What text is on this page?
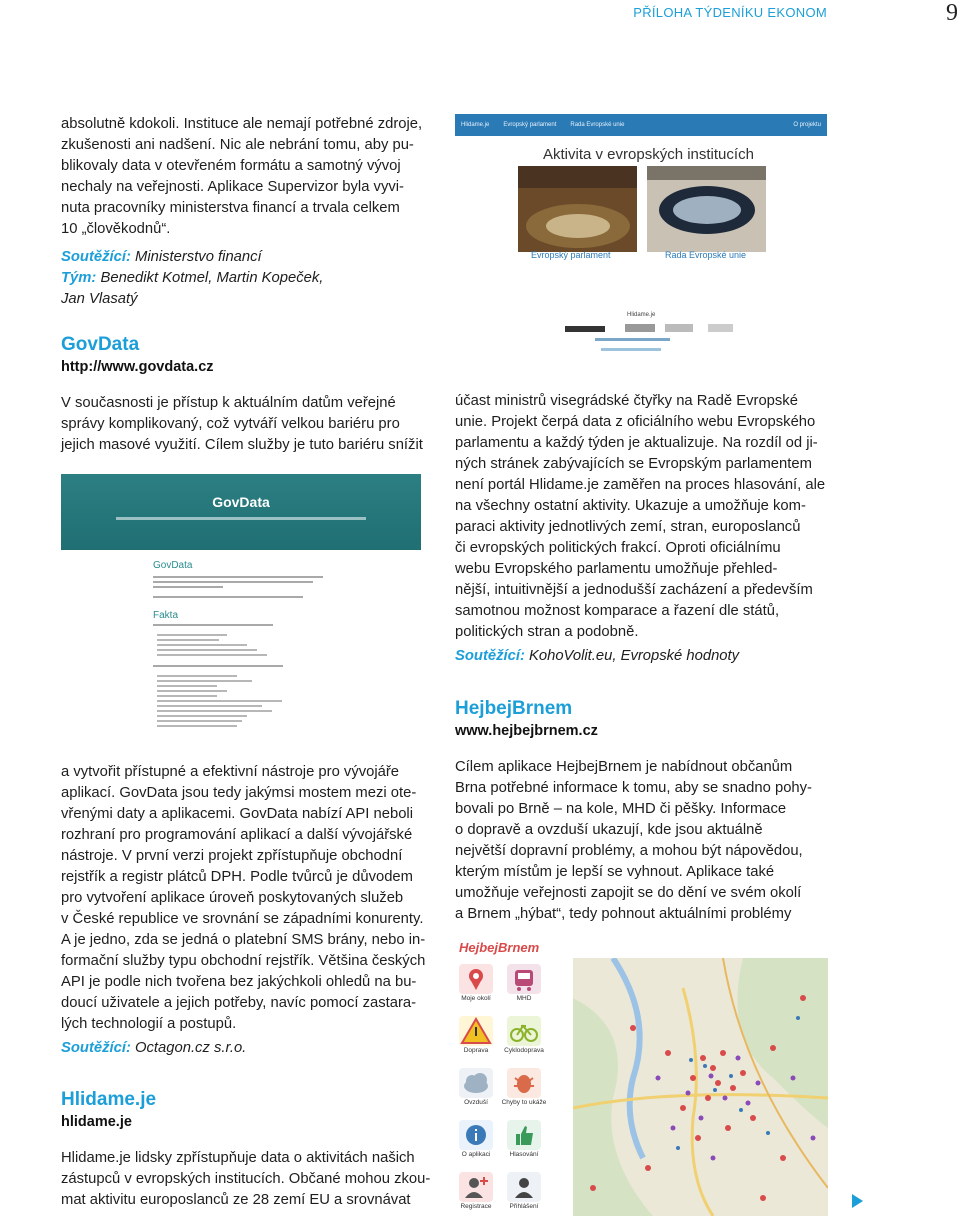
PŘÍLOHA TÝDENÍKU EKONOM	9

absolutně kdokoli. Instituce ale nemají potřebné zdroje,

zkušenosti ani nadšení. Nic ale nebrání tomu, aby pu-

blikovaly data v otevřeném formátu a samotný vývoj

nechaly na veřejnosti. Aplikace Supervizor byla vyvi-

nuta pracovníky ministerstva financí a trvala celkem

10 „člověkodnů“.

Soutěžící: Ministerstvo financí

Tým: Benedikt Kotmel, Martin Kopeček,

Jan Vlasatý

GovData
http://www.govdata.cz

V současnosti je přístup k aktuálním datům veřejné

správy komplikovaný, což vytváří velkou bariéru pro

jejich masové využití. Cílem služby je tuto bariéru snížit

GovData
GovData
Fakta

a vytvořit přístupné a efektivní nástroje pro vývojáře

aplikací. GovData jsou tedy jakýmsi mostem mezi ote-

vřenými daty a aplikacemi. GovData nabízí API neboli

rozhraní pro programování aplikací a další vývojářské

nástroje. V první verzi projekt zpřístupňuje obchodní

rejstřík a registr plátců DPH. Podle tvůrců je důvodem

pro vytvoření aplikace úroveň poskytovaných služeb

v České republice ve srovnání se západními konurenty.

A je jedno, zda se jedná o platební SMS brány, nebo in-

formační služby typu obchodní rejstřík. Většina českých

API je podle nich tvořena bez jakýchkoli ohledů na bu-

doucí uživatele a jejich potřeby, navíc pomocí zastara-

lých technologií a postupů.

Soutěžící: Octagon.cz s.r.o.

Hlidame.je
hlidame.je

Hlidame.je lidsky zpřístupňuje data o aktivitách našich

zástupců v evropských institucích. Občané mohou zkou-

mat aktivitu europoslanců ze 28 zemí EU a srovnávat

Hlidame.je Evropský parlament Rada Evropské unie	O projektu
Aktivita v evropských institucích
Evropský parlament	Rada Evropské unie
Hlidame.je

účast ministrů visegrádské čtyřky na Radě Evropské

unie. Projekt čerpá data z oficiálního webu Evropského

parlamentu a každý týden je aktualizuje. Na rozdíl od ji-

ných stránek zabývajících se Evropským parlamentem

není portál Hlidame.je zaměřen na proces hlasování, ale

na všechny ostatní aktivity. Ukazuje a umožňuje kom-

paraci aktivity jednotlivých zemí, stran, europoslanců

či evropských politických frakcí. Oproti oficiálnímu

webu Evropského parlamentu umožňuje přehled-

nější, intuitivnější a jednodušší zacházení a především

samotnou možnost komparace a řazení dle států,

politických stran a podobně.

Soutěžící: KohoVolit.eu, Evropské hodnoty

HejbejBrnem
www.hejbejbrnem.cz

Cílem aplikace HejbejBrnem je nabídnout občanům

Brna potřebné informace k tomu, aby se snadno pohy-

bovali po Brně – na kole, MHD či pěšky. Informace

o dopravě a ovzduší ukazují, kde jsou aktuálně

největší dopravní problémy, a mohou být nápovědou,

kterým místům je lepší se vyhnout. Aplikace také

umožňuje veřejnosti zapojit se do dění ve svém okolí

a Brnem „hýbat“, tedy pohnout aktuálními problémy

HejbejBrnem
Moje okolí	MHD
Doprava	Cyklodoprava
Ovzduší	Chyby to ukáže
O aplikaci	Hlasování
Registrace	Přihlášení
